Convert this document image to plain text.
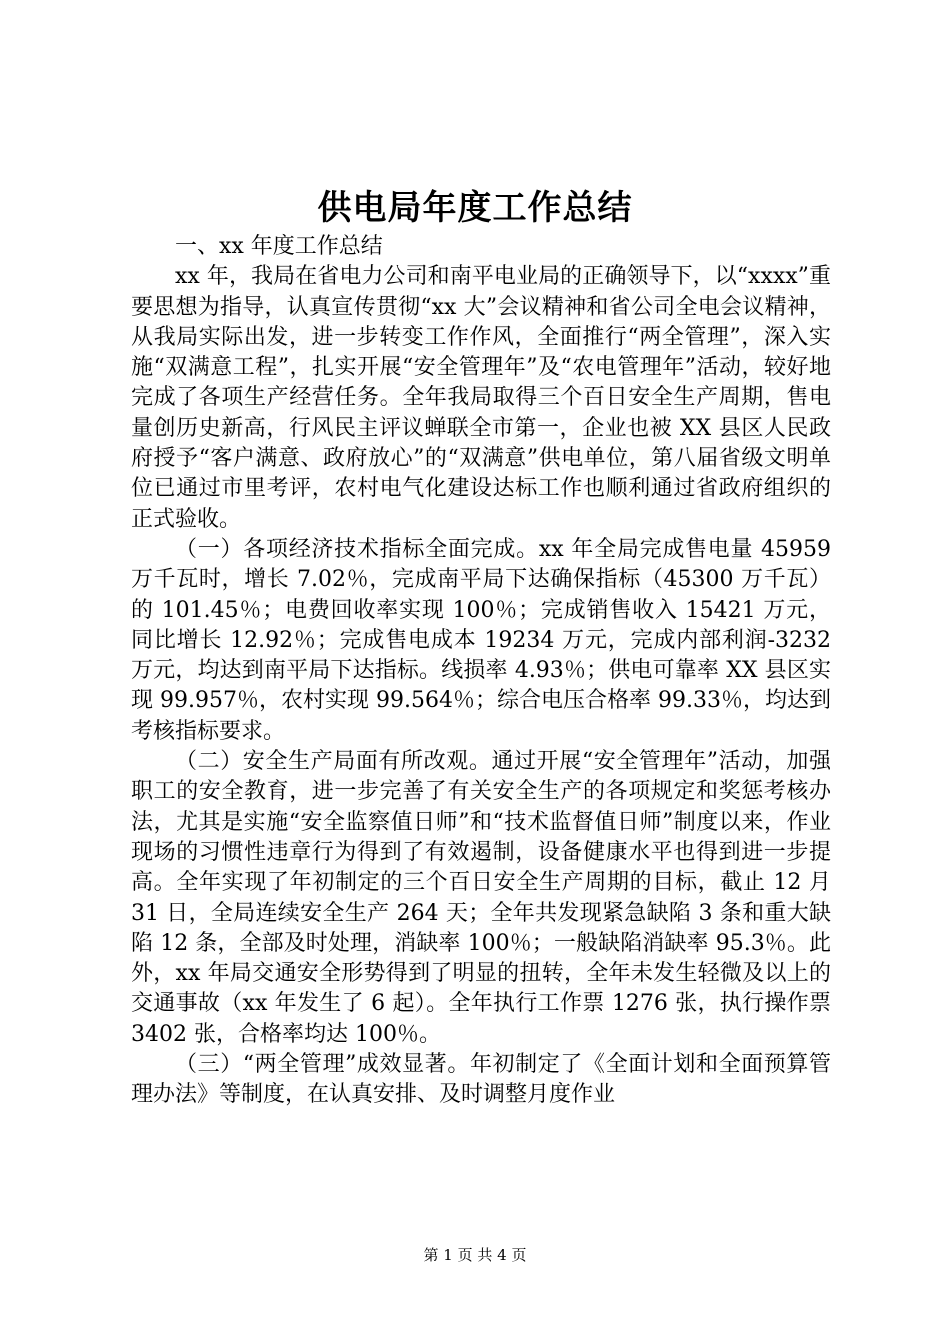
供电局年度工作总结

一、xx 年度工作总结

xx 年，我局在省电力公司和南平电业局的正确领导下，以“xxxx”重要思想为指导，认真宣传贯彻“xx 大”会议精神和省公司全电会议精神，从我局实际出发，进一步转变工作作风，全面推行“两全管理”，深入实施“双满意工程”，扎实开展“安全管理年”及“农电管理年”活动，较好地完成了各项生产经营任务。全年我局取得三个百日安全生产周期，售电量创历史新高，行风民主评议蝉联全市第一，企业也被 XX 县区人民政府授予“客户满意、政府放心”的“双满意”供电单位，第八届省级文明单位已通过市里考评，农村电气化建设达标工作也顺利通过省政府组织的正式验收。

（一）各项经济技术指标全面完成。xx 年全局完成售电量 45959 万千瓦时，增长 7.02％，完成南平局下达确保指标（45300 万千瓦）的 101.45％；电费回收率实现 100％；完成销售收入 15421 万元，同比增长 12.92％；完成售电成本 19234 万元，完成内部利润-3232 万元，均达到南平局下达指标。线损率 4.93％；供电可靠率 XX 县区实现 99.957％，农村实现 99.564％；综合电压合格率 99.33％，均达到考核指标要求。

（二）安全生产局面有所改观。通过开展“安全管理年”活动，加强职工的安全教育，进一步完善了有关安全生产的各项规定和奖惩考核办法，尤其是实施“安全监察值日师”和“技术监督值日师”制度以来，作业现场的习惯性违章行为得到了有效遏制，设备健康水平也得到进一步提高。全年实现了年初制定的三个百日安全生产周期的目标，截止 12 月 31 日，全局连续安全生产 264 天；全年共发现紧急缺陷 3 条和重大缺陷 12 条，全部及时处理，消缺率 100％；一般缺陷消缺率 95.3％。此外，xx 年局交通安全形势得到了明显的扭转，全年未发生轻微及以上的交通事故（xx 年发生了 6 起）。全年执行工作票 1276 张，执行操作票 3402 张，合格率均达 100％。

（三）“两全管理”成效显著。年初制定了《全面计划和全面预算管理办法》等制度，在认真安排、及时调整月度作业

第 1 页 共 4 页
